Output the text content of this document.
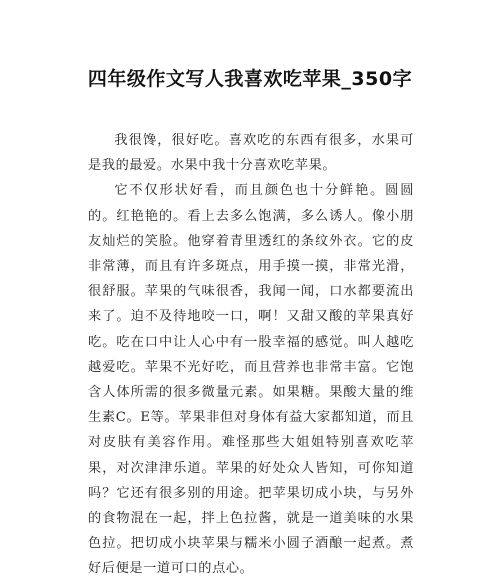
四年级作文写人我喜欢吃苹果_350字

我很馋，很好吃。喜欢吃的东西有很多，水果可是我的最爱。水果中我十分喜欢吃苹果。

它不仅形状好看，而且颜色也十分鲜艳。圆圆的。红艳艳的。看上去多么饱满，多么诱人。像小朋友灿烂的笑脸。他穿着青里透红的条纹外衣。它的皮非常薄，而且有许多斑点，用手摸一摸，非常光滑，很舒服。苹果的气味很香，我闻一闻，口水都要流出来了。迫不及待地咬一口，啊！又甜又酸的苹果真好吃。吃在口中让人心中有一股幸福的感觉。叫人越吃越爱吃。苹果不光好吃，而且营养也非常丰富。它饱含人体所需的很多微量元素。如果糖。果酸大量的维生素C。E等。苹果非但对身体有益大家都知道，而且对皮肤有美容作用。难怪那些大姐姐特别喜欢吃苹果，对次津津乐道。苹果的好处众人皆知，可你知道吗？它还有很多别的用途。把苹果切成小块，与另外的食物混在一起，拌上色拉酱，就是一道美味的水果色拉。把切成小块苹果与糯米小圆子酒酿一起煮。煮好后便是一道可口的点心。
